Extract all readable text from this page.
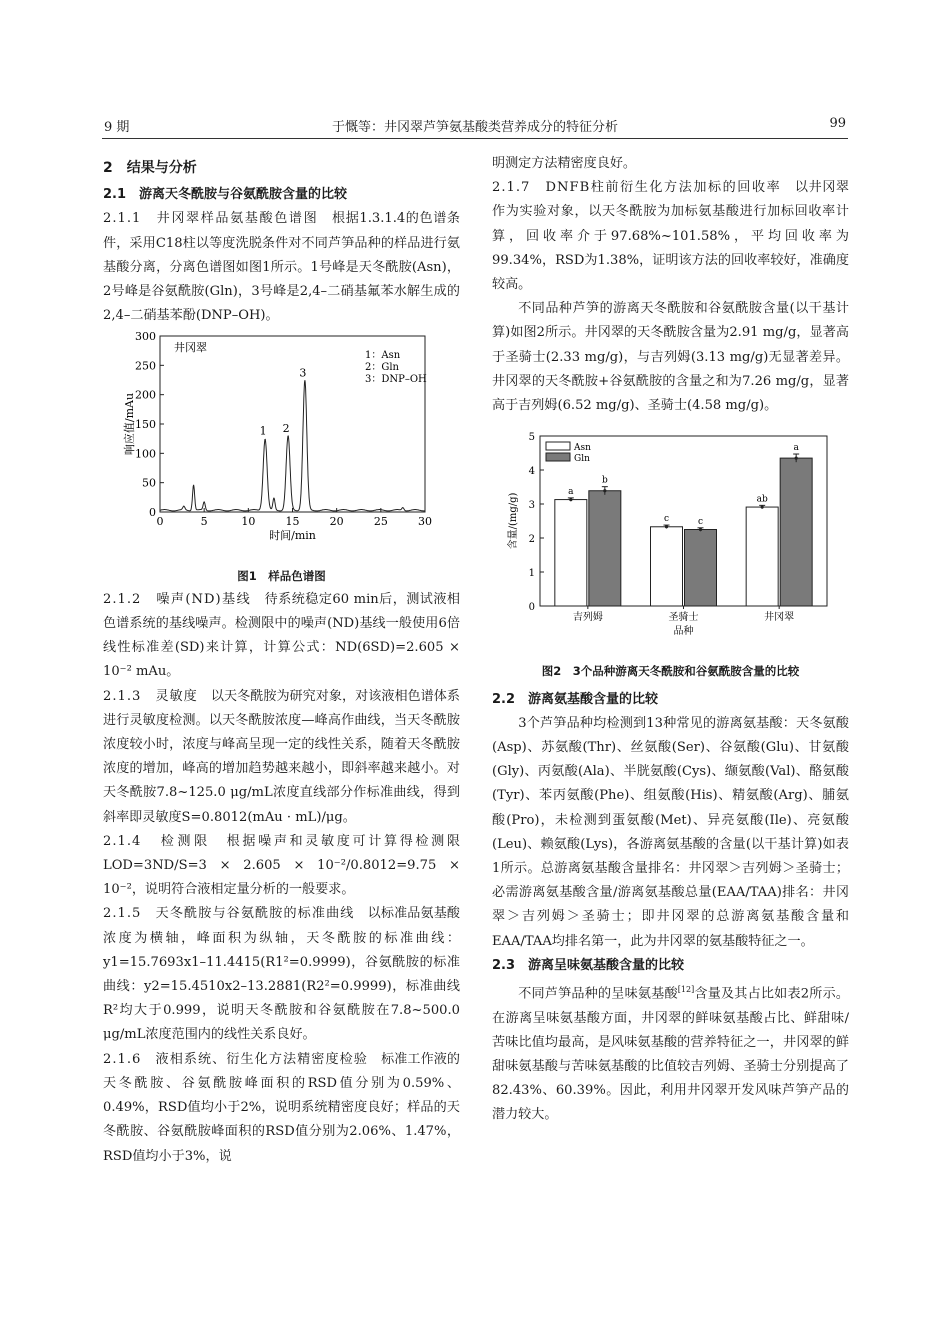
9 期	于慨等：井冈翠芦笋氨基酸类营养成分的特征分析	99
2　结果与分析
2.1　游离天冬酰胺与谷氨酰胺含量的比较

2.1.1　井冈翠样品氨基酸色谱图　根据1.3.1.4的色谱条件，采用C18柱以等度洗脱条件对不同芦笋品种的样品进行氨基酸分离，分离色谱图如图1所示。1号峰是天冬酰胺(Asn)，2号峰是谷氨酰胺(Gln)，3号峰是2,4–二硝基氟苯水解生成的2,4–二硝基苯酚(DNP–OH)。

0
50
100
150
200
250
300
0	5	10	15	20	25	30
时间/min
响应值/mAu
井冈翠
1：Asn
2：Gln
3：DNP–OH
1 2
3
图1　样品色谱图

2.1.2　噪声(ND)基线　待系统稳定60 min后，测试液相色谱系统的基线噪声。检测限中的噪声(ND)基线一般使用6倍线性标准差(SD)来计算，计算公式：ND(6SD)=2.605 × 10⁻² mAu。

2.1.3　灵敏度　以天冬酰胺为研究对象，对该液相色谱体系进行灵敏度检测。以天冬酰胺浓度—峰高作曲线，当天冬酰胺浓度较小时，浓度与峰高呈现一定的线性关系，随着天冬酰胺浓度的增加，峰高的增加趋势越来越小，即斜率越来越小。对天冬酰胺7.8~125.0 μg/mL浓度直线部分作标准曲线，得到斜率即灵敏度S=0.8012(mAu · mL)/μg。

2.1.4　检测限　根据噪声和灵敏度可计算得检测限LOD=3ND/S=3 × 2.605 × 10⁻²/0.8012=9.75 × 10⁻²，说明符合液相定量分析的一般要求。

2.1.5　天冬酰胺与谷氨酰胺的标准曲线　以标准品氨基酸浓度为横轴，峰面积为纵轴，天冬酰胺的标准曲线：y1=15.7693x1–11.4415(R1²=0.9999)，谷氨酰胺的标准曲线：y2=15.4510x2–13.2881(R2²=0.9999)，标准曲线R²均大于0.999，说明天冬酰胺和谷氨酰胺在7.8~500.0 μg/mL浓度范围内的线性关系良好。

2.1.6　液相系统、衍生化方法精密度检验　标准工作液的天冬酰胺、谷氨酰胺峰面积的RSD值分别为0.59%、0.49%，RSD值均小于2%，说明系统精密度良好；样品的天冬酰胺、谷氨酰胺峰面积的RSD值分别为2.06%、1.47%，RSD值均小于3%，说

明测定方法精密度良好。

2.1.7　DNFB柱前衍生化方法加标的回收率　以井冈翠作为实验对象，以天冬酰胺为加标氨基酸进行加标回收率计算，回收率介于97.68%~101.58%，平均回收率为99.34%，RSD为1.38%，证明该方法的回收率较好，准确度较高。

不同品种芦笋的游离天冬酰胺和谷氨酰胺含量(以干基计算)如图2所示。井冈翠的天冬酰胺含量为2.91 mg/g，显著高于圣骑士(2.33 mg/g)，与吉列姆(3.13 mg/g)无显著差异。井冈翠的天冬酰胺+谷氨酰胺的含量之和为7.26 mg/g，显著高于吉列姆(6.52 mg/g)、圣骑士(4.58 mg/g)。

0
1
2
3
4
5
含量/(mg/g)
吉列姆
a
b
圣骑士
c	c
井冈翠
ab
a
品种
Asn
Gln
图2　3个品种游离天冬酰胺和谷氨酰胺含量的比较
2.2　游离氨基酸含量的比较

3个芦笋品种均检测到13种常见的游离氨基酸：天冬氨酸(Asp)、苏氨酸(Thr)、丝氨酸(Ser)、谷氨酸(Glu)、甘氨酸(Gly)、丙氨酸(Ala)、半胱氨酸(Cys)、缬氨酸(Val)、酪氨酸(Tyr)、苯丙氨酸(Phe)、组氨酸(His)、精氨酸(Arg)、脯氨酸(Pro)，未检测到蛋氨酸(Met)、异亮氨酸(Ile)、亮氨酸(Leu)、赖氨酸(Lys)，各游离氨基酸的含量(以干基计算)如表1所示。总游离氨基酸含量排名：井冈翠＞吉列姆＞圣骑士；必需游离氨基酸含量/游离氨基酸总量(EAA/TAA)排名：井冈翠＞吉列姆＞圣骑士；即井冈翠的总游离氨基酸含量和EAA/TAA均排名第一，此为井冈翠的氨基酸特征之一。

2.3　游离呈味氨基酸含量的比较

不同芦笋品种的呈味氨基酸[12]含量及其占比如表2所示。在游离呈味氨基酸方面，井冈翠的鲜味氨基酸占比、鲜甜味/苦味比值均最高，是风味氨基酸的营养特征之一，井冈翠的鲜甜味氨基酸与苦味氨基酸的比值较吉列姆、圣骑士分别提高了82.43%、60.39%。因此，利用井冈翠开发风味芦笋产品的潜力较大。
